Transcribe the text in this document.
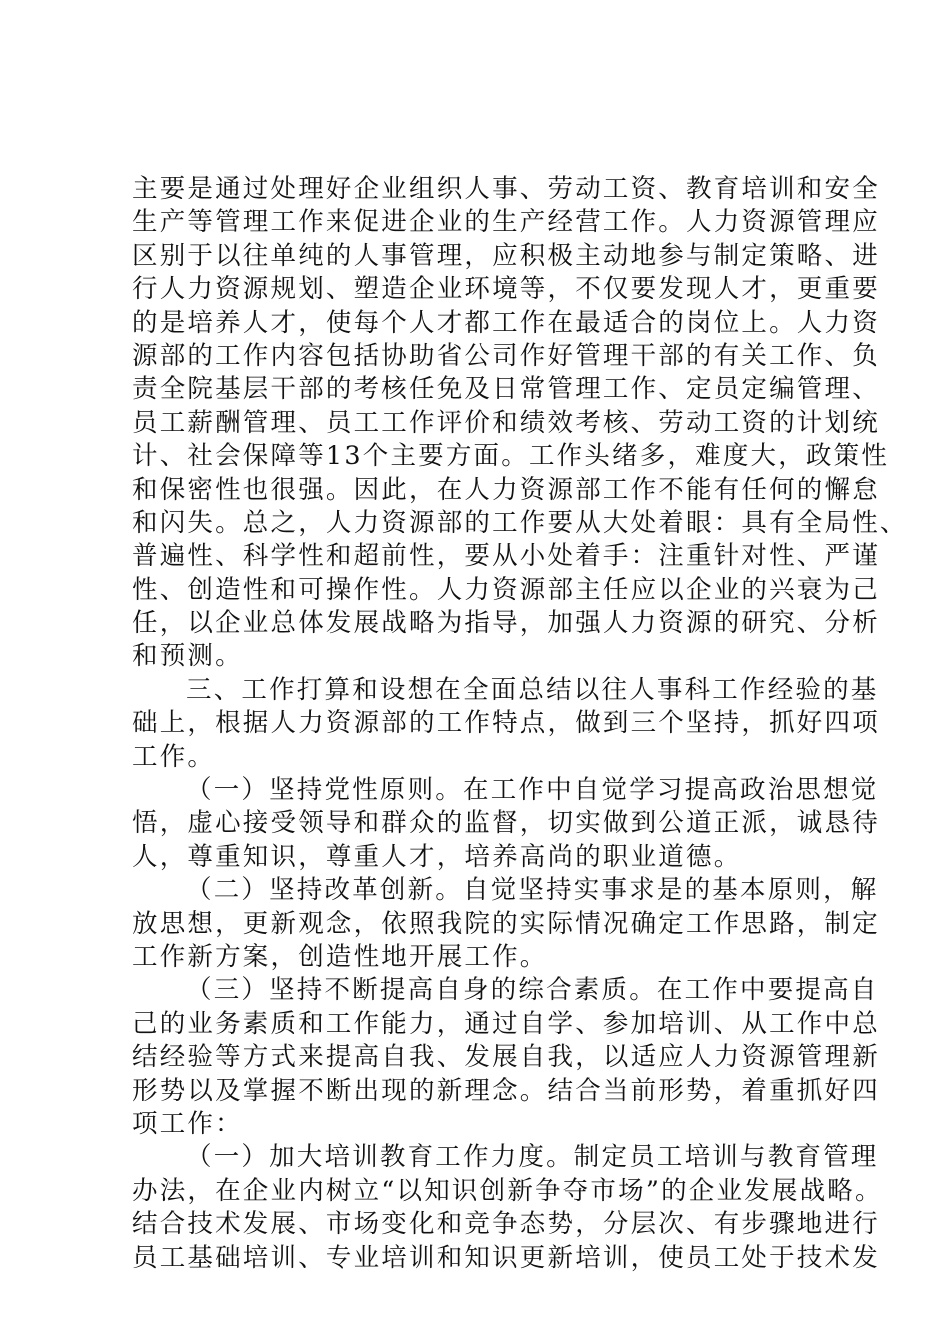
主要是通过处理好企业组织人事、劳动工资、教育培训和安全
生产等管理工作来促进企业的生产经营工作。人力资源管理应
区别于以往单纯的人事管理，应积极主动地参与制定策略、进
行人力资源规划、塑造企业环境等，不仅要发现人才，更重要
的是培养人才，使每个人才都工作在最适合的岗位上。人力资
源部的工作内容包括协助省公司作好管理干部的有关工作、负
责全院基层干部的考核任免及日常管理工作、定员定编管理、
员工薪酬管理、员工工作评价和绩效考核、劳动工资的计划统
计、社会保障等13个主要方面。工作头绪多，难度大，政策性
和保密性也很强。因此，在人力资源部工作不能有任何的懈怠
和闪失。总之，人力资源部的工作要从大处着眼：具有全局性、
普遍性、科学性和超前性，要从小处着手：注重针对性、严谨
性、创造性和可操作性。人力资源部主任应以企业的兴衰为己
任，以企业总体发展战略为指导，加强人力资源的研究、分析
和预测。
三、工作打算和设想在全面总结以往人事科工作经验的基
础上，根据人力资源部的工作特点，做到三个坚持，抓好四项
工作。
（一）坚持党性原则。在工作中自觉学习提高政治思想觉
悟，虚心接受领导和群众的监督，切实做到公道正派，诚恳待
人，尊重知识，尊重人才，培养高尚的职业道德。
（二）坚持改革创新。自觉坚持实事求是的基本原则，解
放思想，更新观念，依照我院的实际情况确定工作思路，制定
工作新方案，创造性地开展工作。
（三）坚持不断提高自身的综合素质。在工作中要提高自
己的业务素质和工作能力，通过自学、参加培训、从工作中总
结经验等方式来提高自我、发展自我，以适应人力资源管理新
形势以及掌握不断出现的新理念。结合当前形势，着重抓好四
项工作：
（一）加大培训教育工作力度。制定员工培训与教育管理
办法，在企业内树立“以知识创新争夺市场”的企业发展战略。
结合技术发展、市场变化和竞争态势，分层次、有步骤地进行
员工基础培训、专业培训和知识更新培训，使员工处于技术发
